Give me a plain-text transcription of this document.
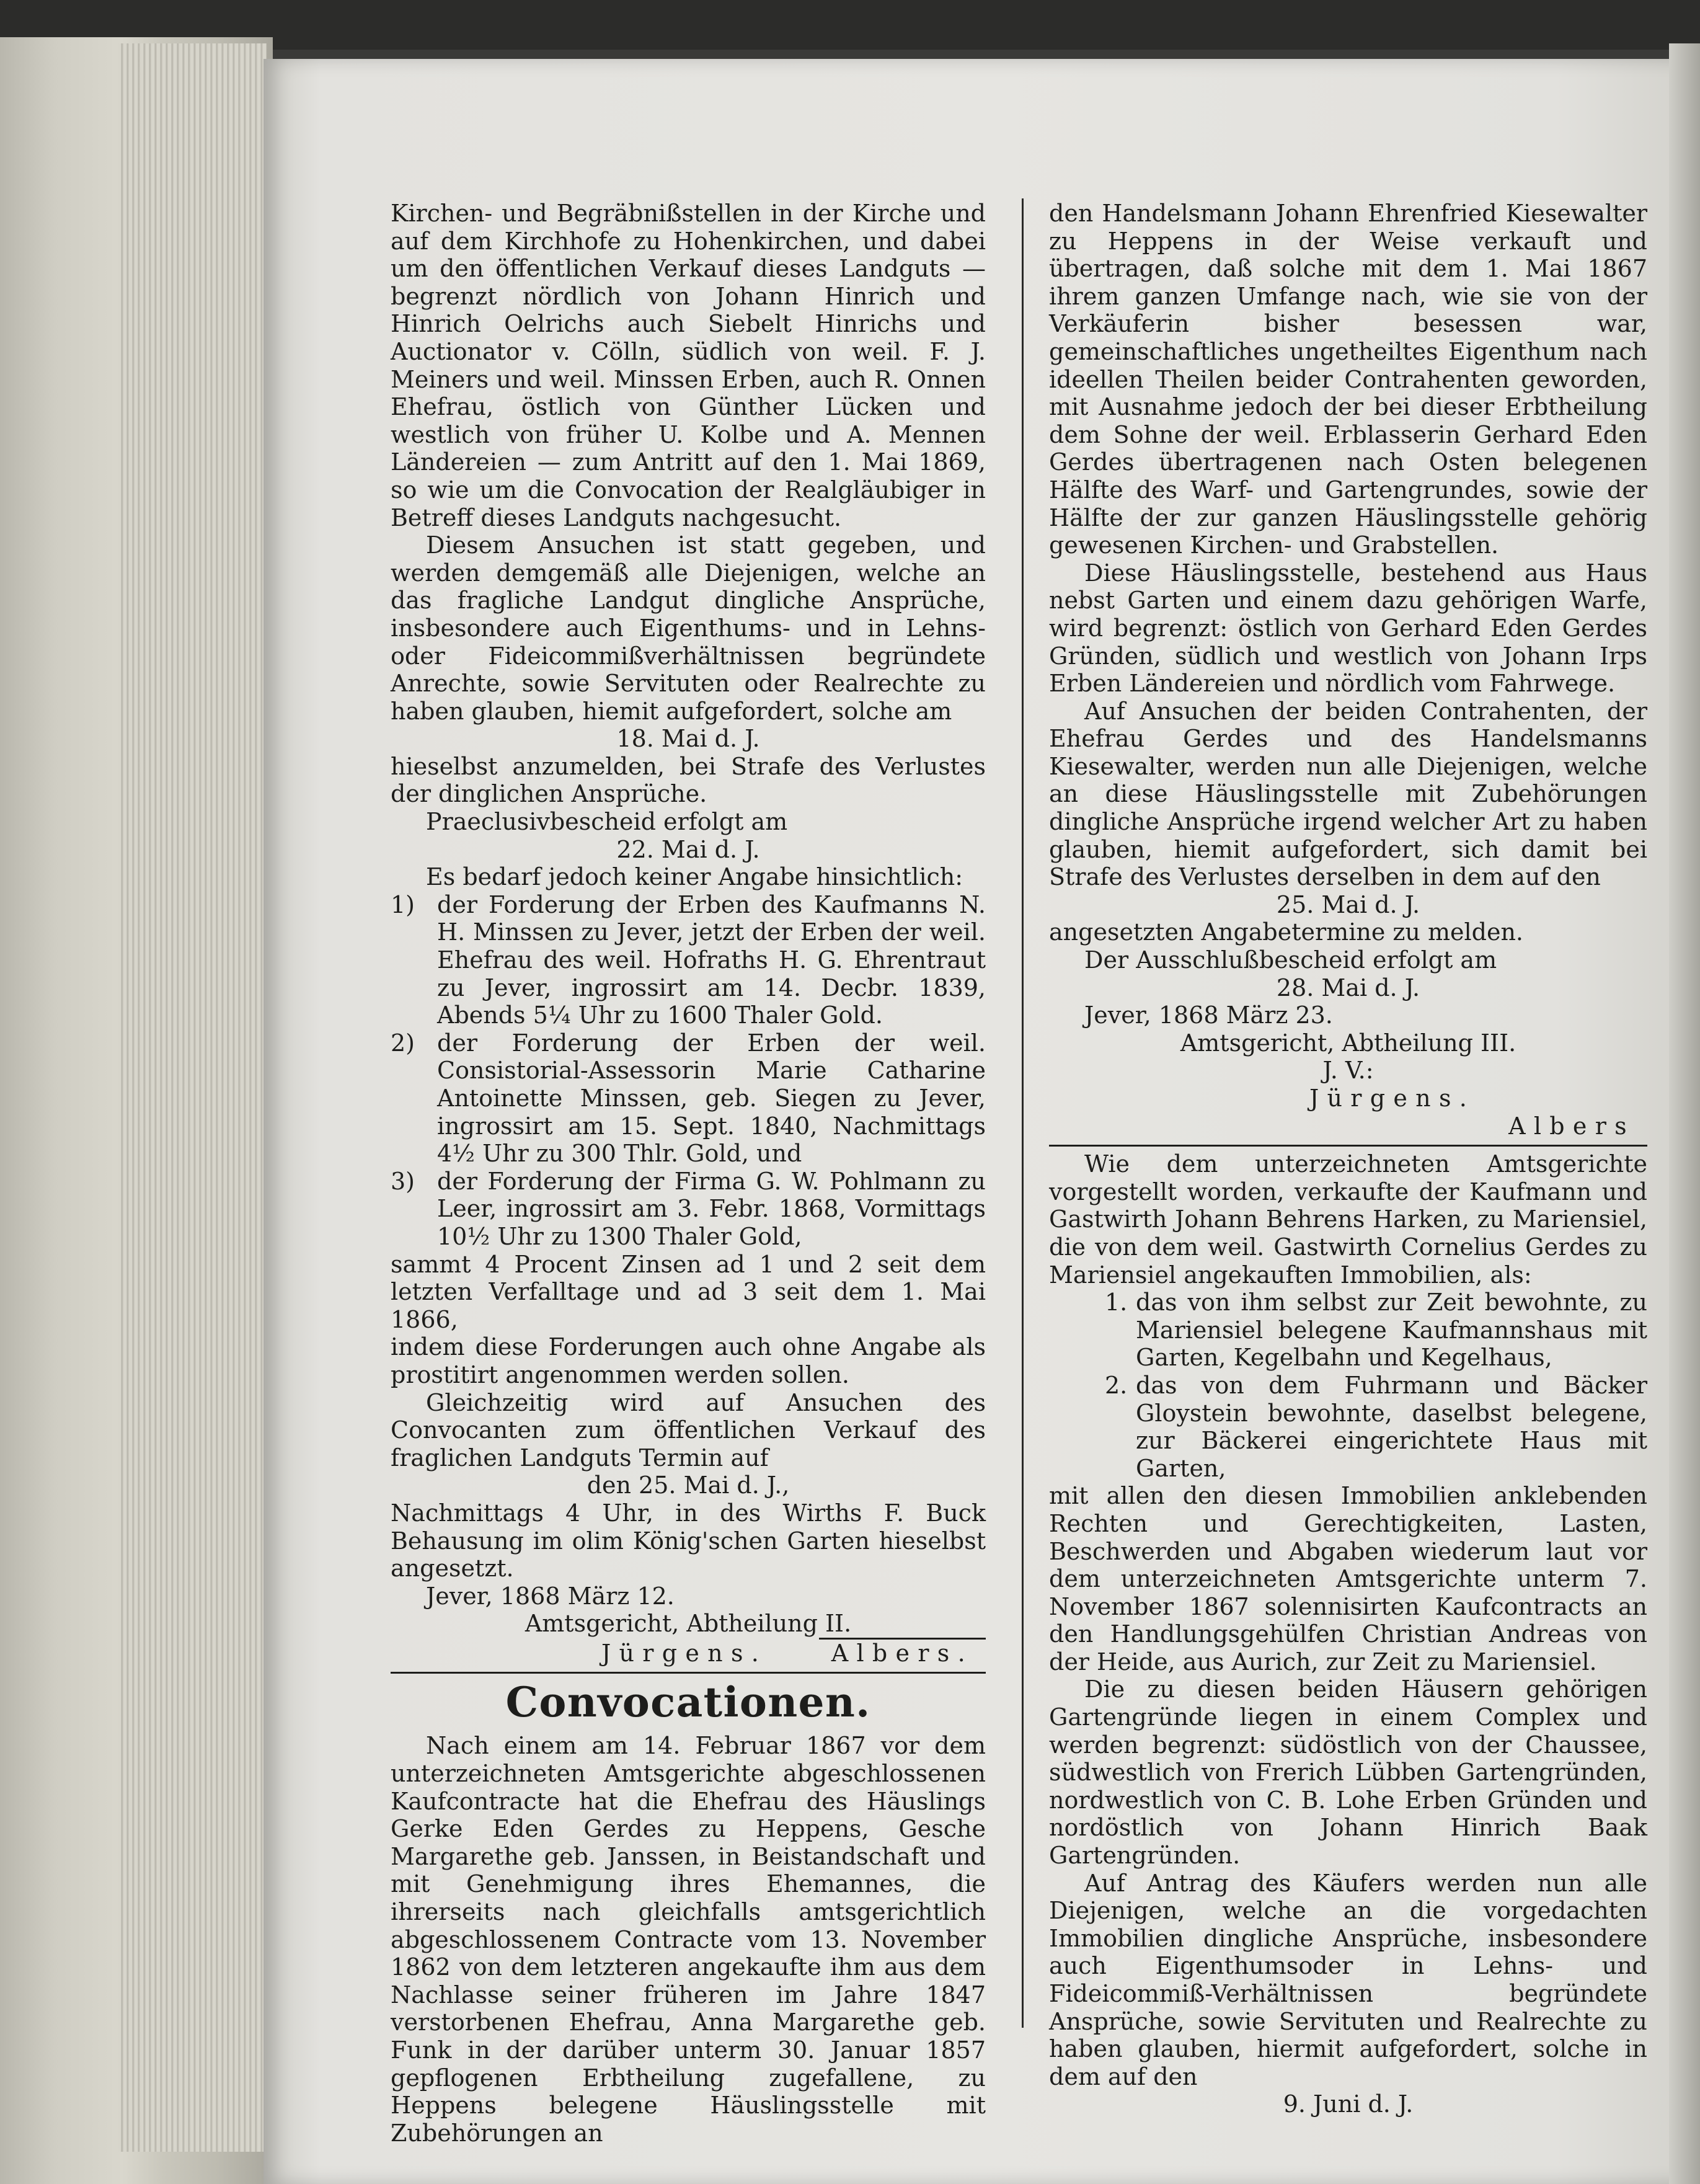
Kirchen- und Begräbnißstellen in der Kirche und auf dem Kirchhofe zu Hohenkirchen, und dabei um den öffentlichen Verkauf dieses Landguts — begrenzt nördlich von Johann Hinrich und Hinrich Oelrichs auch Siebelt Hinrichs und Auctionator v. Cölln, südlich von weil. F. J. Meiners und weil. Minssen Erben, auch R. Onnen Ehefrau, östlich von Günther Lücken und westlich von früher U. Kolbe und A. Mennen Ländereien — zum Antritt auf den 1. Mai 1869, so wie um die Convocation der Realgläubiger in Betreff dieses Landguts nachgesucht.

Diesem Ansuchen ist statt gegeben, und werden demgemäß alle Diejenigen, welche an das fragliche Landgut dingliche Ansprüche, insbesondere auch Eigenthums- und in Lehns- oder Fideicommißverhältnissen begründete Anrechte, sowie Servituten oder Realrechte zu haben glauben, hiemit aufgefordert, solche am

18. Mai d. J.

hieselbst anzumelden, bei Strafe des Verlustes der dinglichen Ansprüche.

Praeclusivbescheid erfolgt am

22. Mai d. J.

Es bedarf jedoch keiner Angabe hinsichtlich:

1) der Forderung der Erben des Kaufmanns N. H. Minssen zu Jever, jetzt der Erben der weil. Ehefrau des weil. Hofraths H. G. Ehrentraut zu Jever, ingrossirt am 14. Decbr. 1839, Abends 5¼ Uhr zu 1600 Thaler Gold.
2) der Forderung der Erben der weil. Consistorial-Assessorin Marie Catharine Antoinette Minssen, geb. Siegen zu Jever, ingrossirt am 15. Sept. 1840, Nachmittags 4½ Uhr zu 300 Thlr. Gold, und
3) der Forderung der Firma G. W. Pohlmann zu Leer, ingrossirt am 3. Febr. 1868, Vormittags 10½ Uhr zu 1300 Thaler Gold,

sammt 4 Procent Zinsen ad 1 und 2 seit dem letzten Verfalltage und ad 3 seit dem 1. Mai 1866,

indem diese Forderungen auch ohne Angabe als prostitirt angenommen werden sollen.

Gleichzeitig wird auf Ansuchen des Convocanten zum öffentlichen Verkauf des fraglichen Landguts Termin auf

den 25. Mai d. J.,

Nachmittags 4 Uhr, in des Wirths F. Buck Behausung im olim König'schen Garten hieselbst angesetzt.

Jever, 1868 März 12.

Amtsgericht, Abtheilung II.

Jürgens.	Albers.
Convocationen.

Nach einem am 14. Februar 1867 vor dem unterzeichneten Amtsgerichte abgeschlossenen Kaufcontracte hat die Ehefrau des Häuslings Gerke Eden Gerdes zu Heppens, Gesche Margarethe geb. Janssen, in Beistandschaft und mit Genehmigung ihres Ehemannes, die ihrerseits nach gleichfalls amtsgerichtlich abgeschlossenem Contracte vom 13. November 1862 von dem letzteren angekaufte ihm aus dem Nachlasse seiner früheren im Jahre 1847 verstorbenen Ehefrau, Anna Margarethe geb. Funk in der darüber unterm 30. Januar 1857 gepflogenen Erbtheilung zugefallene, zu Heppens belegene Häuslingsstelle mit Zubehörungen an

den Handelsmann Johann Ehrenfried Kiesewalter zu Heppens in der Weise verkauft und übertragen, daß solche mit dem 1. Mai 1867 ihrem ganzen Umfange nach, wie sie von der Verkäuferin bisher besessen war, gemeinschaftliches ungetheiltes Eigenthum nach ideellen Theilen beider Contrahenten geworden, mit Ausnahme jedoch der bei dieser Erbtheilung dem Sohne der weil. Erblasserin Gerhard Eden Gerdes übertragenen nach Osten belegenen Hälfte des Warf- und Gartengrundes, sowie der Hälfte der zur ganzen Häuslingsstelle gehörig gewesenen Kirchen- und Grabstellen.

Diese Häuslingsstelle, bestehend aus Haus nebst Garten und einem dazu gehörigen Warfe, wird begrenzt: östlich von Gerhard Eden Gerdes Gründen, südlich und westlich von Johann Irps Erben Ländereien und nördlich vom Fahrwege.

Auf Ansuchen der beiden Contrahenten, der Ehefrau Gerdes und des Handelsmanns Kiesewalter, werden nun alle Diejenigen, welche an diese Häuslingsstelle mit Zubehörungen dingliche Ansprüche irgend welcher Art zu haben glauben, hiemit aufgefordert, sich damit bei Strafe des Verlustes derselben in dem auf den

25. Mai d. J.

angesetzten Angabetermine zu melden.

Der Ausschlußbescheid erfolgt am

28. Mai d. J.

Jever, 1868 März 23.

Amtsgericht, Abtheilung III.

J. V.:

Jürgens.
Albers

Wie dem unterzeichneten Amtsgerichte vorgestellt worden, verkaufte der Kaufmann und Gastwirth Johann Behrens Harken, zu Mariensiel, die von dem weil. Gastwirth Cornelius Gerdes zu Mariensiel angekauften Immobilien, als:

1. das von ihm selbst zur Zeit bewohnte, zu Mariensiel belegene Kaufmannshaus mit Garten, Kegelbahn und Kegelhaus,
2. das von dem Fuhrmann und Bäcker Gloystein bewohnte, daselbst belegene, zur Bäckerei eingerichtete Haus mit Garten,

mit allen den diesen Immobilien anklebenden Rechten und Gerechtigkeiten, Lasten, Beschwerden und Abgaben wiederum laut vor dem unterzeichneten Amtsgerichte unterm 7. November 1867 solennisirten Kaufcontracts an den Handlungsgehülfen Christian Andreas von der Heide, aus Aurich, zur Zeit zu Mariensiel.

Die zu diesen beiden Häusern gehörigen Gartengründe liegen in einem Complex und werden begrenzt: südöstlich von der Chaussee, südwestlich von Frerich Lübben Gartengründen, nordwestlich von C. B. Lohe Erben Gründen und nordöstlich von Johann Hinrich Baak Gartengründen.

Auf Antrag des Käufers werden nun alle Diejenigen, welche an die vorgedachten Immobilien dingliche Ansprüche, insbesondere auch Eigenthumsoder in Lehns- und Fideicommiß-Verhältnissen begründete Ansprüche, sowie Servituten und Realrechte zu haben glauben, hiermit aufgefordert, solche in dem auf den

9. Juni d. J.
